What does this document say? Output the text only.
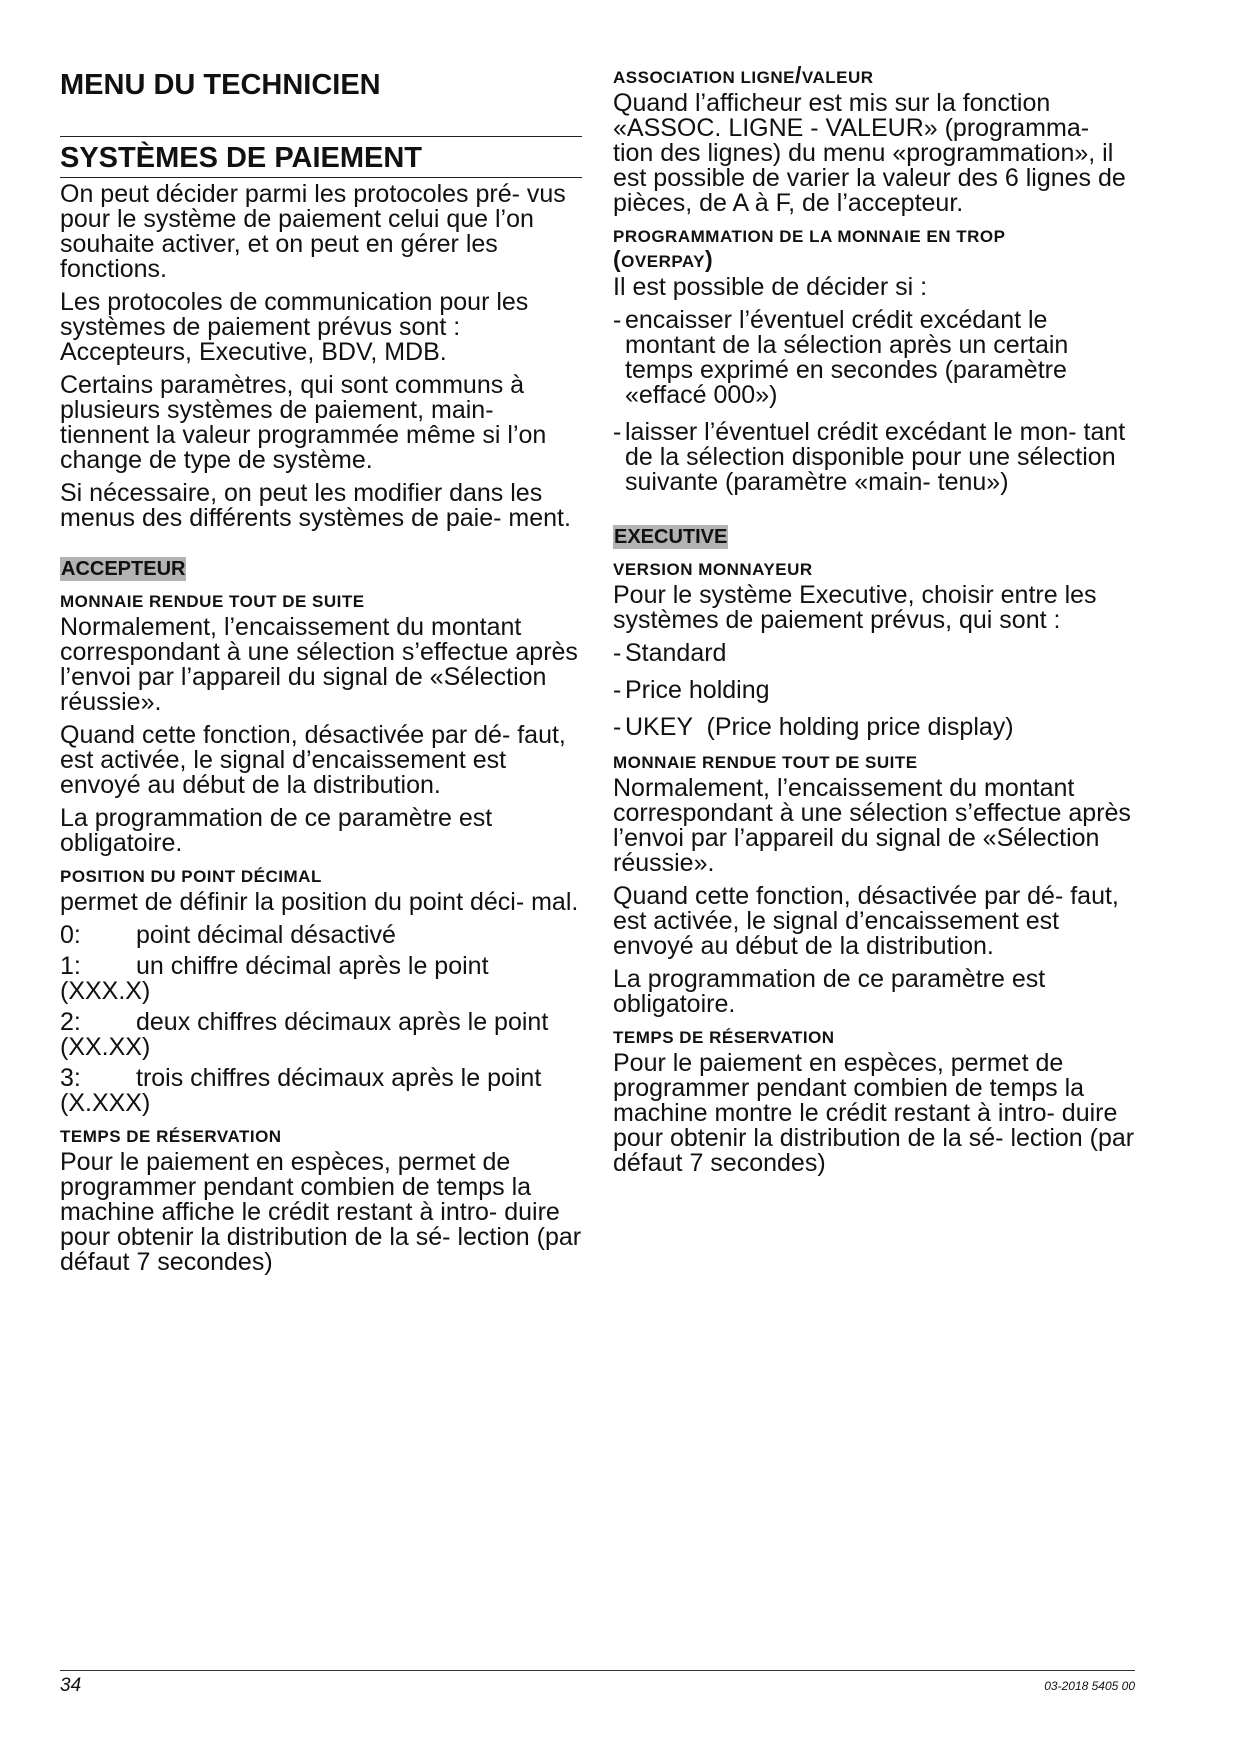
MENU DU TECHNICIEN
SYSTÈMES DE PAIEMENT

On peut décider parmi les protocoles pré- vus pour le système de paiement celui que l’on souhaite activer, et on peut en gérer les fonctions.

Les protocoles de communication pour les systèmes de paiement prévus sont : Accepteurs, Executive, BDV, MDB.

Certains paramètres, qui sont communs à plusieurs systèmes de paiement, main- tiennent la valeur programmée même si l’on change de type de système.

Si nécessaire, on peut les modifier dans les menus des différents systèmes de paie- ment.

ACCEPTEUR
MONNAIE RENDUE TOUT DE SUITE

Normalement, l’encaissement du montant correspondant à une sélection s’effectue après l’envoi par l’appareil du signal de «Sélection réussie».

Quand cette fonction, désactivée par dé- faut, est activée, le signal d’encaissement est envoyé au début de la distribution.

La programmation de ce paramètre est obligatoire.

POSITION DU POINT DÉCIMAL

permet de définir la position du point déci- mal.

0: point décimal désactivé
1: un chiffre décimal après le point (XXX.X)
2: deux chiffres décimaux après le point (XX.XX)
3: trois chiffres décimaux après le point (X.XXX)
TEMPS DE RÉSERVATION

Pour le paiement en espèces, permet de programmer pendant combien de temps la machine affiche le crédit restant à intro- duire pour obtenir la distribution de la sé- lection (par défaut 7 secondes)

ASSOCIATION LIGNE/VALEUR

Quand l’afficheur est mis sur la fonction «ASSOC. LIGNE - VALEUR» (programma- tion des lignes) du menu «programmation», il est possible de varier la valeur des 6 lignes de pièces, de A à F, de l’accepteur.

PROGRAMMATION DE LA MONNAIE EN TROP
(OVERPAY)

Il est possible de décider si :

- encaisser l’éventuel crédit excédant le montant de la sélection après un certain temps exprimé en secondes (paramètre «effacé 000»)
- laisser l’éventuel crédit excédant le mon- tant de la sélection disponible pour une sélection suivante (paramètre «main- tenu»)
EXECUTIVE
VERSION MONNAYEUR

Pour le système Executive, choisir entre les systèmes de paiement prévus, qui sont :

- Standard
- Price holding
- UKEY  (Price holding price display)
MONNAIE RENDUE TOUT DE SUITE

Normalement, l’encaissement du montant correspondant à une sélection s’effectue après l’envoi par l’appareil du signal de «Sélection réussie».

Quand cette fonction, désactivée par dé- faut, est activée, le signal d’encaissement est envoyé au début de la distribution.

La programmation de ce paramètre est obligatoire.

TEMPS DE RÉSERVATION

Pour le paiement en espèces, permet de programmer pendant combien de temps la machine montre le crédit restant à intro- duire pour obtenir la distribution de la sé- lection (par défaut 7 secondes)

34	03-2018 5405 00
